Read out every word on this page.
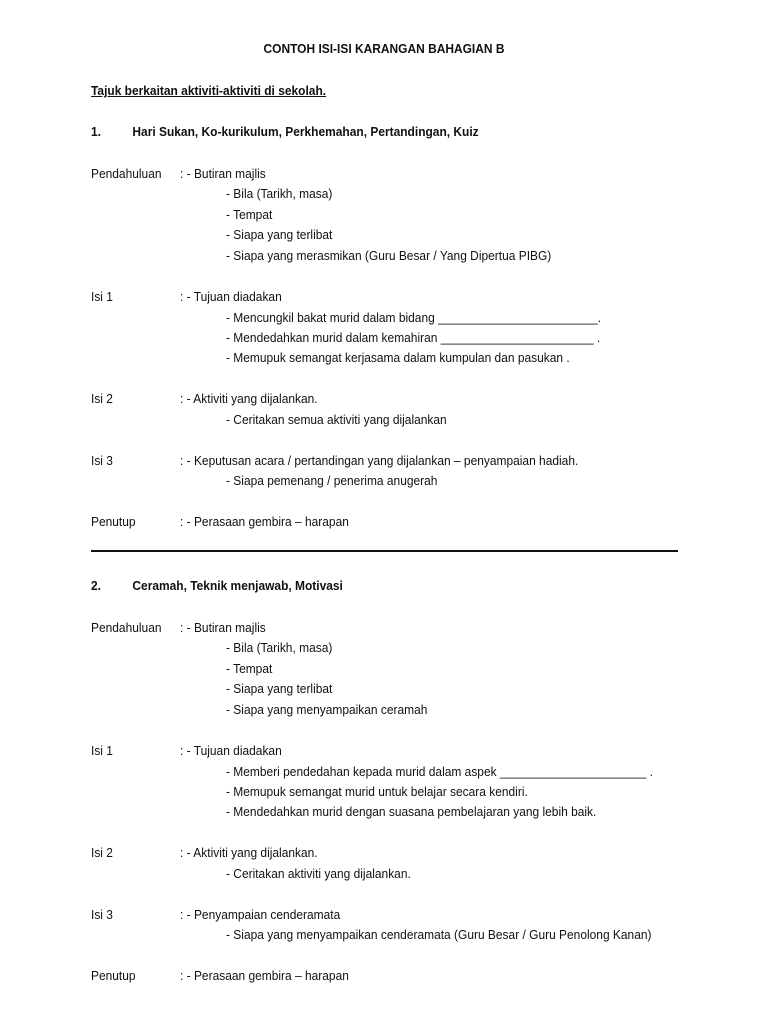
CONTOH ISI-ISI KARANGAN BAHAGIAN B
Tajuk berkaitan aktiviti-aktiviti di sekolah.
1. Hari Sukan, Ko-kurikulum, Perkhemahan, Pertandingan, Kuiz
Pendahuluan : - Butiran majlis
- Bila (Tarikh, masa)
- Tempat
- Siapa yang terlibat
- Siapa yang merasmikan (Guru Besar / Yang Dipertua PIBG)
Isi 1	: - Tujuan diadakan
- Mencungkil bakat murid dalam bidang ________________________.
- Mendedahkan murid dalam kemahiran _______________________ .
- Memupuk semangat kerjasama dalam kumpulan dan pasukan .
Isi 2	: - Aktiviti yang dijalankan.
- Ceritakan semua aktiviti yang dijalankan
Isi 3	: - Keputusan acara / pertandingan yang dijalankan – penyampaian hadiah.
- Siapa pemenang / penerima anugerah
Penutup	: - Perasaan gembira – harapan
2. Ceramah, Teknik menjawab, Motivasi
Pendahuluan : - Butiran majlis
- Bila (Tarikh, masa)
- Tempat
- Siapa yang terlibat
- Siapa yang menyampaikan ceramah
Isi 1	: - Tujuan diadakan
- Memberi pendedahan kepada murid dalam aspek ______________________ .
- Memupuk semangat murid untuk belajar secara kendiri.
- Mendedahkan murid dengan suasana pembelajaran yang lebih baik.
Isi 2	: - Aktiviti yang dijalankan.
- Ceritakan aktiviti yang dijalankan.
Isi 3	: - Penyampaian cenderamata
- Siapa yang menyampaikan cenderamata (Guru Besar / Guru Penolong Kanan)
Penutup	: - Perasaan gembira – harapan
